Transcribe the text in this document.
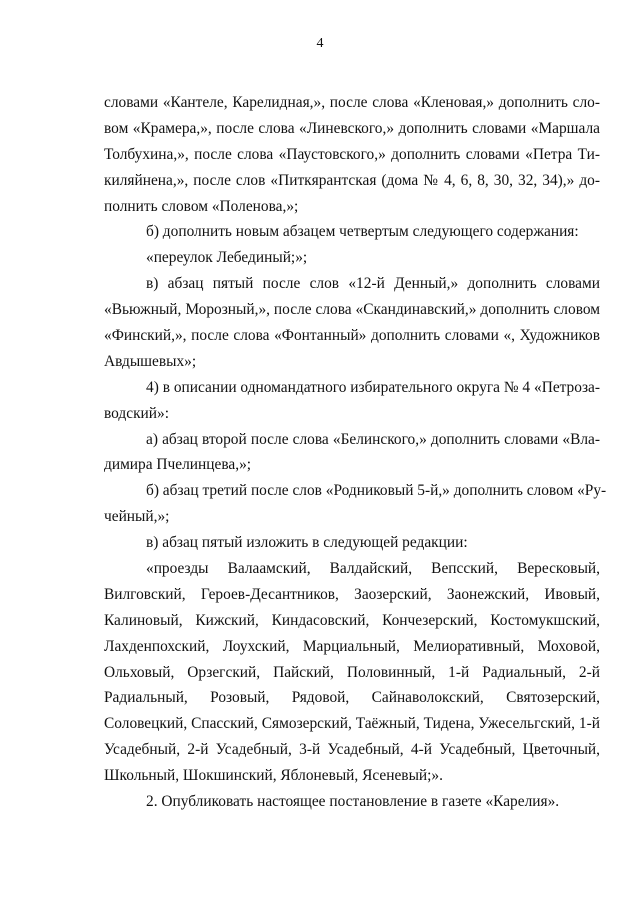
4
словами «Кантеле, Карелидная,», после слова «Кленовая,» дополнить сло-
вом «Крамера,», после слова «Линевского,» дополнить словами «Маршала
Толбухина,», после слова «Паустовского,» дополнить словами «Петра Ти-
киляйнена,», после слов «Питкярантская (дома № 4, 6, 8, 30, 32, 34),» до-
полнить словом «Поленова,»;
б) дополнить новым абзацем четвертым следующего содержания:
«переулок Лебединый;»;
в) абзац пятый после слов «12-й Денный,» дополнить словами
«Вьюжный, Морозный,», после слова «Скандинавский,» дополнить словом
«Финский,», после слова «Фонтанный» дополнить словами «, Художников
Авдышевых»;
4) в описании одномандатного избирательного округа № 4 «Петроза-
водский»:
а) абзац второй после слова «Белинского,» дополнить словами «Вла-
димира Пчелинцева,»;
б) абзац третий после слов «Родниковый 5-й,» дополнить словом «Ру-
чейный,»;
в) абзац пятый изложить в следующей редакции:
«проезды Валаамский, Валдайский, Вепсский, Вересковый,
Вилговский, Героев-Десантников, Заозерский, Заонежский, Ивовый,
Калиновый, Кижский, Киндасовский, Кончезерский, Костомукшский,
Лахденпохский, Лоухский, Марциальный, Мелиоративный, Моховой,
Ольховый, Орзегский, Пайский, Половинный, 1-й Радиальный, 2-й
Радиальный, Розовый, Рядовой, Сайнаволокский, Святозерский,
Соловецкий, Спасский, Сямозерский, Таёжный, Тидена, Ужесельгский, 1-й
Усадебный, 2-й Усадебный, 3-й Усадебный, 4-й Усадебный, Цветочный,
Школьный, Шокшинский, Яблоневый, Ясеневый;».
2. Опубликовать настоящее постановление в газете «Карелия».
